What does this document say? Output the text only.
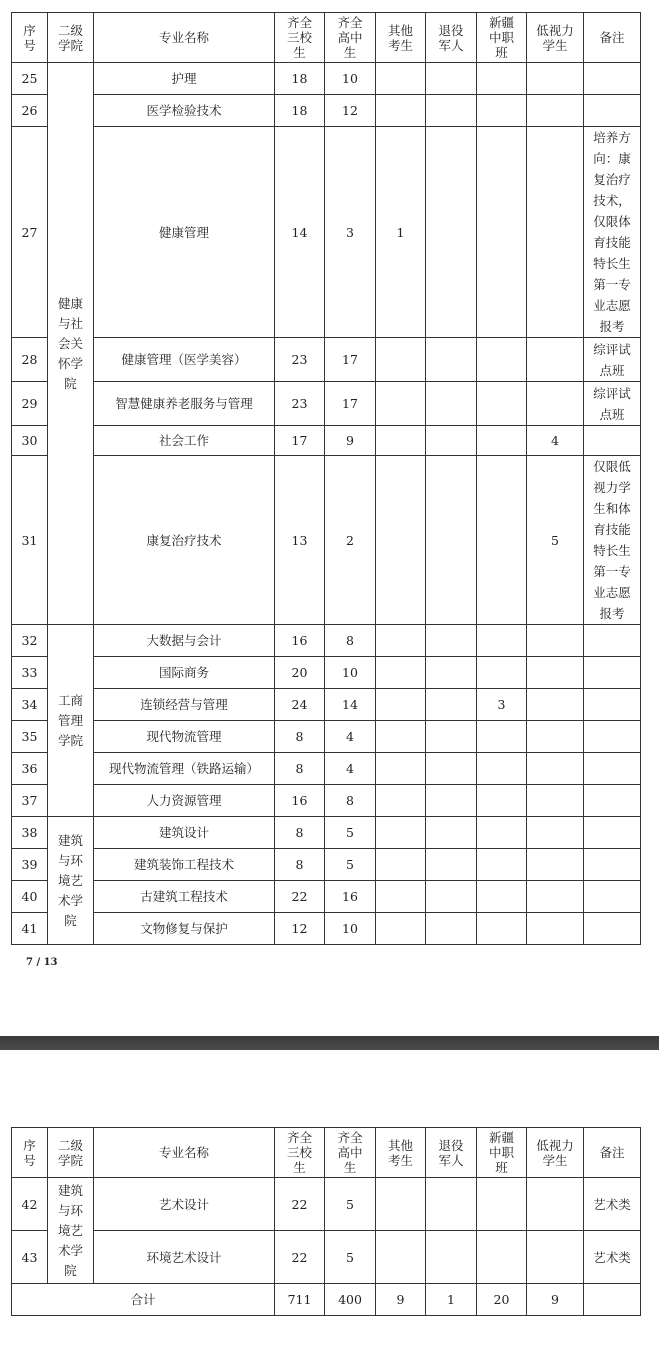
序号	二级学院	专业名称	齐全三校生	齐全高中生	其他考生	退役军人	新疆中职班	低视力学生	备注
25	健康与社会关怀学院	护理	18	10					
26		医学检验技术	18	12					
27		健康管理	14	3	1				培养方向：康复治疗技术，仅限体育技能特长生第一专业志愿报考
28		健康管理（医学美容）	23	17					综评试点班
29		智慧健康养老服务与管理	23	17					综评试点班
30		社会工作	17	9				4	
31		康复治疗技术	13	2				5	仅限低视力学生和体育技能特长生第一专业志愿报考
32	工商管理学院	大数据与会计	16	8					
33		国际商务	20	10					
34		连锁经营与管理	24	14			3		
35		现代物流管理	8	4					
36		现代物流管理（铁路运输）	8	4					
37		人力资源管理	16	8					
38	建筑与环境艺术学院	建筑设计	8	5					
39		建筑装饰工程技术	8	5					
40		古建筑工程技术	22	16					
41		文物修复与保护	12	10					
7 / 13
序号	二级学院	专业名称	齐全三校生	齐全高中生	其他考生	退役军人	新疆中职班	低视力学生	备注
42	建筑与环境艺术学院	艺术设计	22	5					艺术类
43		环境艺术设计	22	5					艺术类
合计			711	400	9	1	20	9	
